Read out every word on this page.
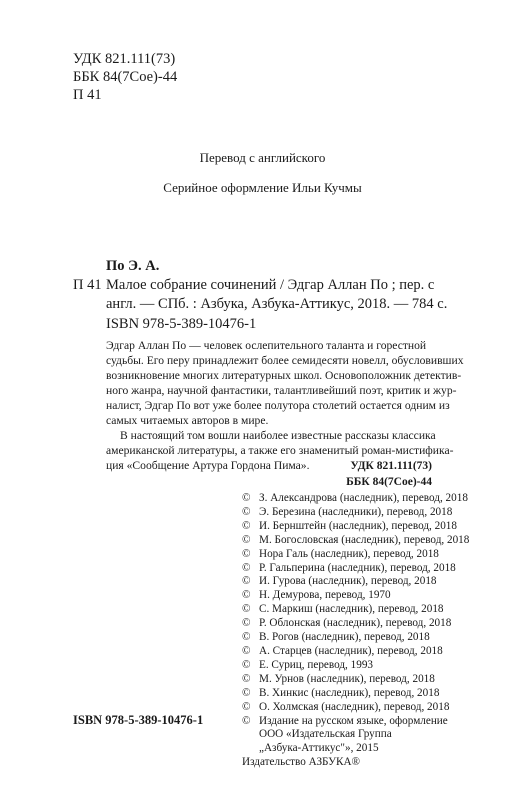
УДК 821.111(73)
ББК 84(7Сое)-44
П 41
Перевод с английского
Серийное оформление Ильи Кучмы
По Э. А.
П 41 Малое собрание сочинений / Эдгар Аллан По ; пер. с
англ. — СПб. : Азбука, Азбука-Аттикус, 2018. — 784 с.
ISBN 978-5-389-10476-1
Эдгар Аллан По — человек ослепительного таланта и горестной
судьбы. Его перу принадлежит более семидесяти новелл, обусловивших
возникновение многих литературных школ. Основоположник детектив-
ного жанра, научной фантастики, талантливейший поэт, критик и жур-
налист, Эдгар По вот уже более полутора столетий остается одним из
самых читаемых авторов в мире.
В настоящий том вошли наиболее известные рассказы классика
американской литературы, а также его знаменитый роман-мистифика-
ция «Сообщение Артура Гордона Пима».	УДК 821.111(73)
ББК 84(7Сое)-44
© З. Александрова (наследник), перевод, 2018
© Э. Березина (наследники), перевод, 2018
© И. Бернштейн (наследник), перевод, 2018
© М. Богословская (наследник), перевод, 2018
© Нора Галь (наследник), перевод, 2018
© Р. Гальперина (наследник), перевод, 2018
© И. Гурова (наследник), перевод, 2018
© Н. Демурова, перевод, 1970
© С. Маркиш (наследник), перевод, 2018
© Р. Облонская (наследник), перевод, 2018
© В. Рогов (наследник), перевод, 2018
© А. Старцев (наследник), перевод, 2018
© Е. Суриц, перевод, 1993
© М. Урнов (наследник), перевод, 2018
© В. Хинкис (наследник), перевод, 2018
© О. Холмская (наследник), перевод, 2018
© Издание на русском языке, оформление
ООО «Издательская Группа
„Азбука-Аттикус"», 2015
Издательство АЗБУКА®
ISBN 978-5-389-10476-1
